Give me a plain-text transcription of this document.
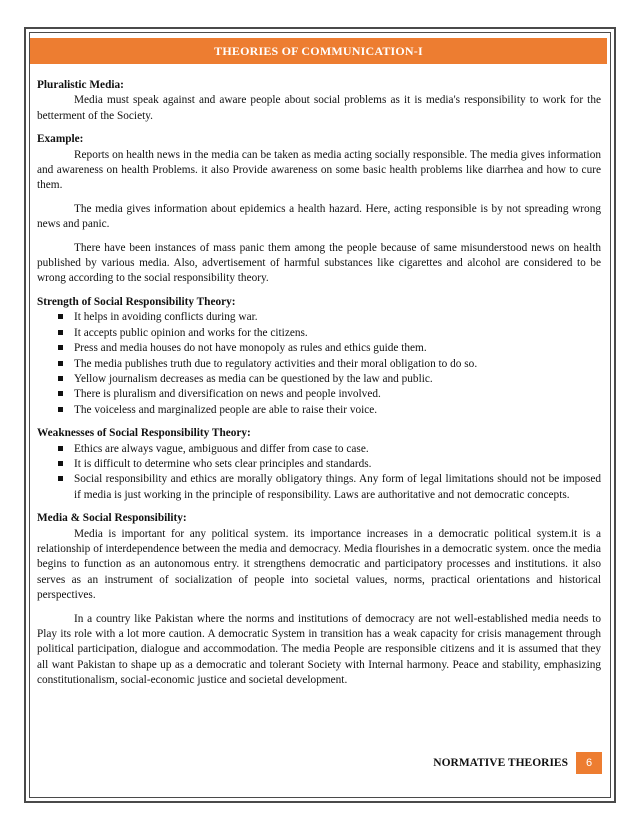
THEORIES OF COMMUNICATION-I

Pluralistic Media:

Media must speak against and aware people about social problems as it is media's responsibility to work for the betterment of the Society.

Example:

Reports on health news in the media can be taken as media acting socially responsible. The media gives information and awareness on health Problems. it also Provide awareness on some basic health problems like diarrhea and how to cure them.

The media gives information about epidemics a health hazard. Here, acting responsible is by not spreading wrong news and panic.

There have been instances of mass panic them among the people because of same misunderstood news on health published by various media. Also, advertisement of harmful substances like cigarettes and alcohol are considered to be wrong according to the social responsibility theory.

Strength of Social Responsibility Theory:

It helps in avoiding conflicts during war.
It accepts public opinion and works for the citizens.
Press and media houses do not have monopoly as rules and ethics guide them.
The media publishes truth due to regulatory activities and their moral obligation to do so.
Yellow journalism decreases as media can be questioned by the law and public.
There is pluralism and diversification on news and people involved.
The voiceless and marginalized people are able to raise their voice.

Weaknesses of Social Responsibility Theory:

Ethics are always vague, ambiguous and differ from case to case.
It is difficult to determine who sets clear principles and standards.
Social responsibility and ethics are morally obligatory things. Any form of legal limitations should not be imposed if media is just working in the principle of responsibility. Laws are authoritative and not democratic concepts.

Media & Social Responsibility:

Media is important for any political system. its importance increases in a democratic political system.it is a relationship of interdependence between the media and democracy. Media flourishes in a democratic system. once the media begins to function as an autonomous entry. it strengthens democratic and participatory processes and institutions. it also serves as an instrument of socialization of people into societal values, norms, practical orientations and historical perspectives.

In a country like Pakistan where the norms and institutions of democracy are not well-established media needs to Play its role with a lot more caution. A democratic System in transition has a weak capacity for crisis management through political participation, dialogue and accommodation. The media People are responsible citizens and it is assumed that they all want Pakistan to shape up as a democratic and tolerant Society with Internal harmony. Peace and stability, emphasizing constitutionalism, social-economic justice and societal development.

NORMATIVE THEORIES 6
